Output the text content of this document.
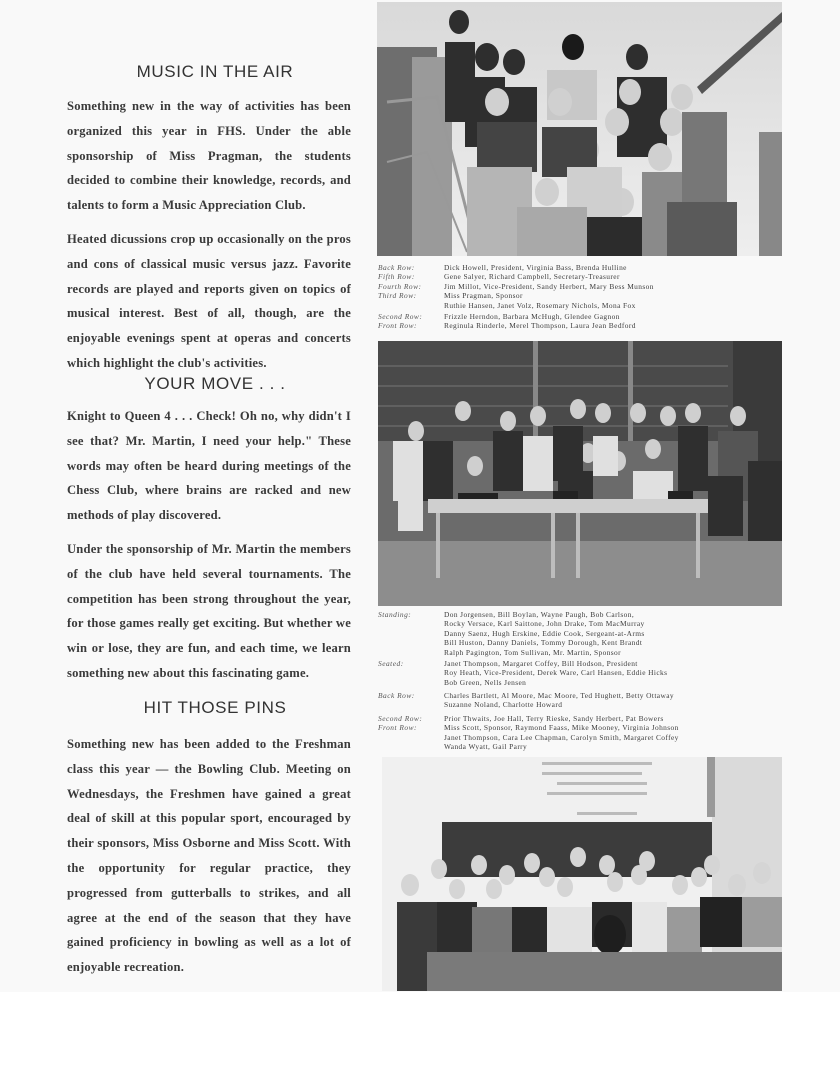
MUSIC IN THE AIR

Something new in the way of activities has been organized this year in FHS. Under the able sponsorship of Miss Pragman, the students decided to combine their knowledge, records, and talents to form a Music Appreciation Club.

Heated dicussions crop up occasionally on the pros and cons of classical music versus jazz. Favorite records are played and reports given on topics of musical interest. Best of all, though, are the enjoyable evenings spent at operas and concerts which highlight the club's activities.

YOUR MOVE . . .

Knight to Queen 4 . . . Check! Oh no, why didn't I see that? Mr. Martin, I need your help." These words may often be heard during meetings of the Chess Club, where brains are racked and new methods of play discovered.

Under the sponsorship of Mr. Martin the members of the club have held several tournaments. The competition has been strong throughout the year, for those games really get exciting. But whether we win or lose, they are fun, and each time, we learn something new about this fascinating game.

HIT THOSE PINS

Something new has been added to the Freshman class this year — the Bowling Club. Meeting on Wednesdays, the Freshmen have gained a great deal of skill at this popular sport, encouraged by their sponsors, Miss Osborne and Miss Scott. With the opportunity for regular practice, they progressed from gutterballs to strikes, and all agree at the end of the season that they have gained proficiency in bowling as well as a lot of enjoyable recreation.

Back Row:	Dick Howell, President, Virginia Bass, Brenda Hulline
Fifth Row:	Gene Salyer, Richard Campbell, Secretary-Treasurer
Fourth Row:	Jim Millot, Vice-President, Sandy Herbert, Mary Bess Munson
Third Row:	Miss Pragman, Sponsor
Ruthie Hansen, Janet Volz, Rosemary Nichols, Mona Fox
Second Row:	Frizzle Herndon, Barbara McHugh, Glendee Gagnon
Front Row:	Reginula Rinderle, Merel Thompson, Laura Jean Bedford
Standing:	Don Jorgensen, Bill Boylan, Wayne Paugh, Bob Carlson,
Rocky Versace, Karl Saittone, John Drake, Tom MacMurray
Danny Saenz, Hugh Erskine, Eddie Cook, Sergeant-at-Arms
Bill Huston, Danny Daniels, Tommy Dorough, Kent Brandt
Ralph Pagington, Tom Sullivan, Mr. Martin, Sponsor
Seated:	Janet Thompson, Margaret Coffey, Bill Hodson, President
Roy Heath, Vice-President, Derek Ware, Carl Hansen, Eddie Hicks
Bob Green, Nells Jensen
Back Row:	Charles Bartlett, Al Moore, Mac Moore, Ted Hughett, Betty Ottaway
Suzanne Noland, Charlotte Howard
Second Row:	Prior Thwaits, Joe Hall, Terry Rieske, Sandy Herbert, Pat Bowers
Front Row:	Miss Scott, Sponsor, Raymond Faass, Mike Mooney, Virginia Johnson
Janet Thompson, Cara Lee Chapman, Carolyn Smith, Margaret Coffey
Wanda Wyatt, Gail Parry
